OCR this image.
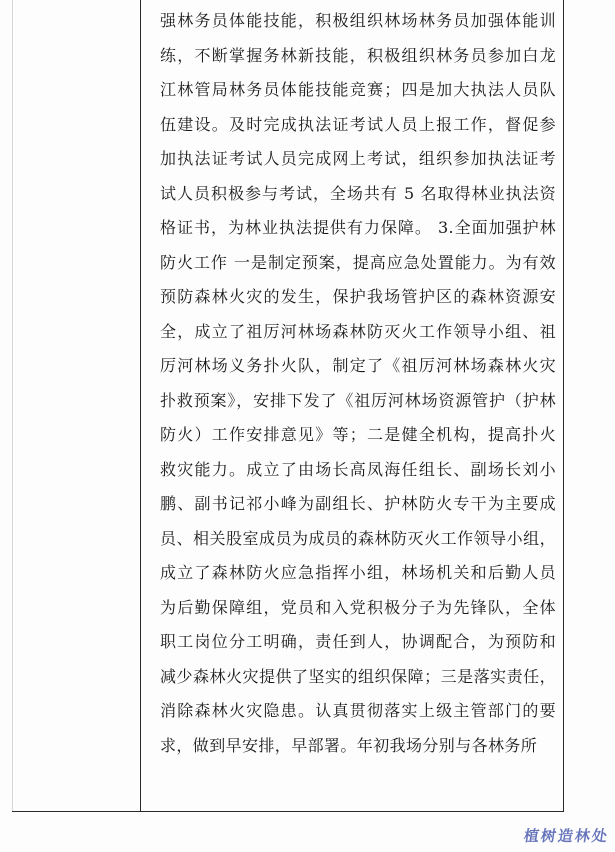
强林务员体能技能，积极组织林场林务员加强体能训
练，不断掌握务林新技能，积极组织林务员参加白龙
江林管局林务员体能技能竞赛；四是加大执法人员队
伍建设。及时完成执法证考试人员上报工作，督促参
加执法证考试人员完成网上考试，组织参加执法证考
试人员积极参与考试，全场共有 5 名取得林业执法资
格证书，为林业执法提供有力保障。 3.全面加强护林
防火工作 一是制定预案，提高应急处置能力。为有效
预防森林火灾的发生，保护我场管护区的森林资源安
全，成立了祖厉河林场森林防灭火工作领导小组、祖
厉河林场义务扑火队，制定了《祖厉河林场森林火灾
扑救预案》，安排下发了《祖厉河林场资源管护（护林
防火）工作安排意见》等；二是健全机构，提高扑火
救灾能力。成立了由场长高凤海任组长、副场长刘小
鹏、副书记祁小峰为副组长、护林防火专干为主要成
员、相关股室成员为成员的森林防灭火工作领导小组，
成立了森林防火应急指挥小组，林场机关和后勤人员
为后勤保障组，党员和入党积极分子为先锋队，全体
职工岗位分工明确，责任到人，协调配合，为预防和
减少森林火灾提供了坚实的组织保障；三是落实责任，
消除森林火灾隐患。认真贯彻落实上级主管部门的要
求，做到早安排，早部署。年初我场分别与各林务所
植树造林处
